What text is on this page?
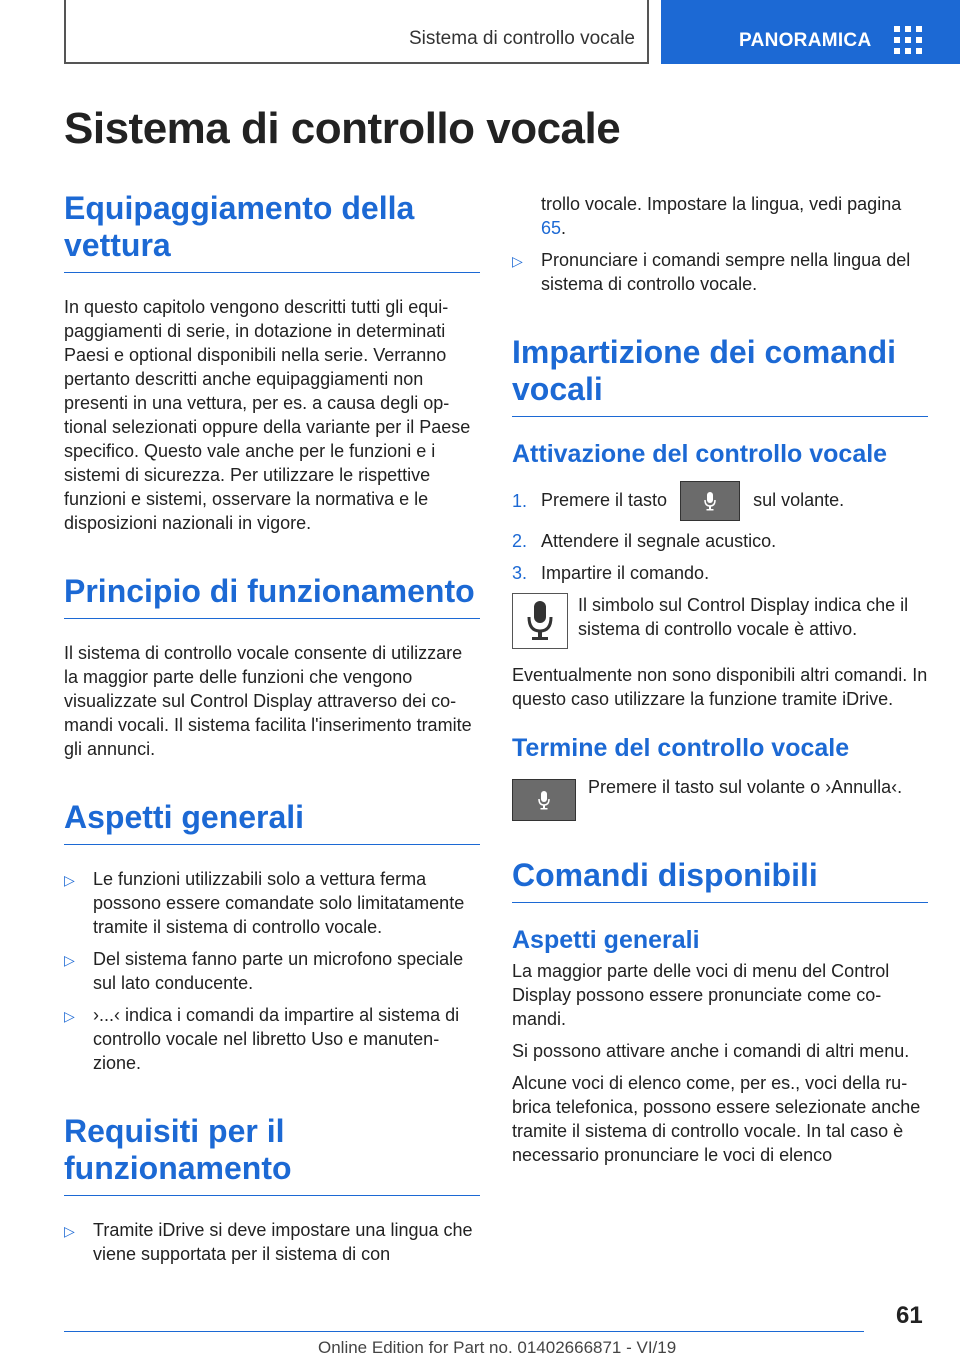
Sistema di controllo vocale	PANORAMICA
Sistema di controllo vocale
Equipaggiamento della vettura

In questo capitolo vengono descritti tutti gli equipaggiamenti di serie, in dotazione in determinati Paesi e optional disponibili nella serie. Verranno pertanto descritti anche equipaggiamenti non presenti in una vettura, per es. a causa degli optional selezionati oppure della variante per il Paese specifico. Questo vale anche per le funzioni e i sistemi di sicurezza. Per utilizzare le rispettive funzioni e sistemi, osservare la normativa e le disposizioni nazionali in vigore.

Principio di funzionamento

Il sistema di controllo vocale consente di utilizzare la maggior parte delle funzioni che vengono visualizzate sul Control Display attraverso dei comandi vocali. Il sistema facilita l'inserimento tramite gli annunci.

Aspetti generali
▷	Le funzioni utilizzabili solo a vettura ferma possono essere comandate solo limitatamente tramite il sistema di controllo vocale.
▷	Del sistema fanno parte un microfono speciale sul lato conducente.
▷	›...‹ indica i comandi da impartire al sistema di controllo vocale nel libretto Uso e manutenzione.
Requisiti per il funzionamento
▷	Tramite iDrive si deve impostare una lingua che viene supportata per il sistema di con
trollo vocale. Impostare la lingua, vedi pagina 65.
▷	Pronunciare i comandi sempre nella lingua del sistema di controllo vocale.
Impartizione dei comandi vocali
Attivazione del controllo vocale
1. Premere il tasto	sul volante.
2. Attendere il segnale acustico.
3. Impartire il comando.

Il simbolo sul Control Display indica che il sistema di controllo vocale è attivo.

Eventualmente non sono disponibili altri comandi. In questo caso utilizzare la funzione tramite iDrive.

Termine del controllo vocale

Premere il tasto sul volante o ›Annulla‹.

Comandi disponibili
Aspetti generali

La maggior parte delle voci di menu del Control Display possono essere pronunciate come comandi.

Si possono attivare anche i comandi di altri menu.

Alcune voci di elenco come, per es., voci della rubrica telefonica, possono essere selezionate anche tramite il sistema di controllo vocale. In tal caso è necessario pronunciare le voci di elenco

61
Online Edition for Part no. 01402666871 - VI/19
